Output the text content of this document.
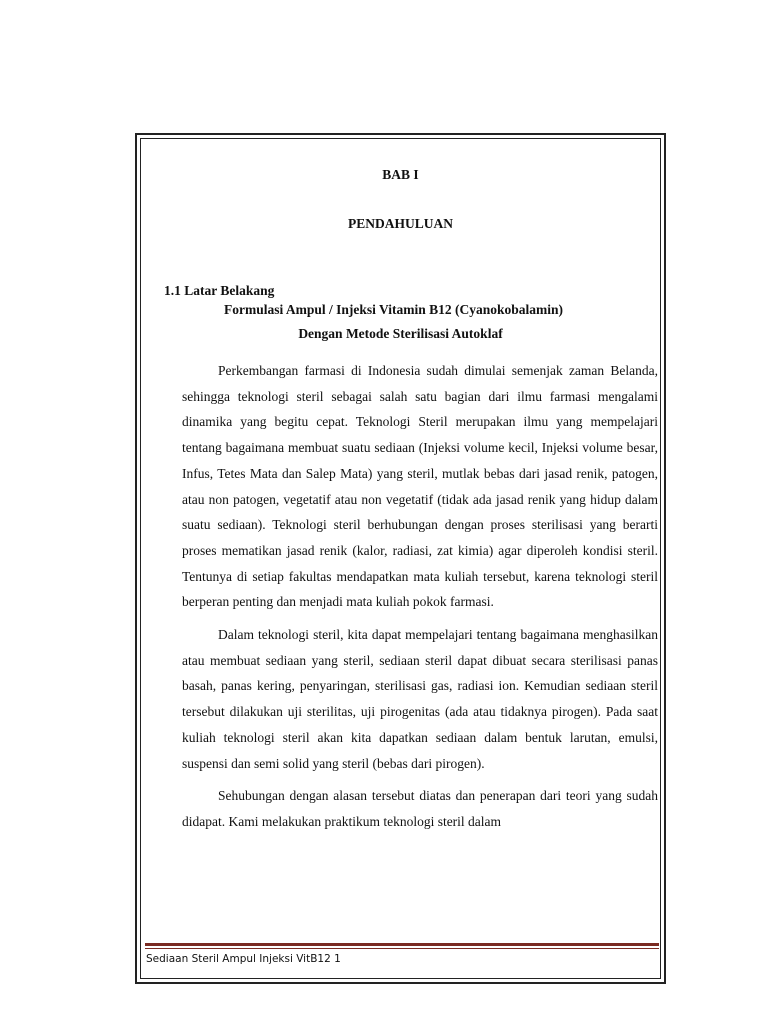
BAB I
PENDAHULUAN
1.1 Latar Belakang
Formulasi Ampul / Injeksi Vitamin B12 (Cyanokobalamin)
Dengan Metode Sterilisasi Autoklaf

Perkembangan farmasi di Indonesia sudah dimulai semenjak zaman Belanda, sehingga teknologi steril sebagai salah satu bagian dari ilmu farmasi mengalami dinamika yang begitu cepat. Teknologi Steril merupakan ilmu yang mempelajari tentang bagaimana membuat suatu sediaan (Injeksi volume kecil, Injeksi volume besar, Infus, Tetes Mata dan Salep Mata) yang steril, mutlak bebas dari jasad renik, patogen, atau non patogen, vegetatif atau non vegetatif (tidak ada jasad renik yang hidup dalam suatu sediaan). Teknologi steril berhubungan dengan proses sterilisasi yang berarti proses mematikan jasad renik (kalor, radiasi, zat kimia) agar diperoleh kondisi steril. Tentunya di setiap fakultas mendapatkan mata kuliah tersebut, karena teknologi steril berperan penting dan menjadi mata kuliah pokok farmasi.

Dalam teknologi steril, kita dapat mempelajari tentang bagaimana menghasilkan atau membuat sediaan yang steril, sediaan steril dapat dibuat secara sterilisasi panas basah, panas kering, penyaringan, sterilisasi gas, radiasi ion. Kemudian sediaan steril tersebut dilakukan uji sterilitas, uji pirogenitas (ada atau tidaknya pirogen). Pada saat kuliah teknologi steril akan kita dapatkan sediaan dalam bentuk larutan, emulsi, suspensi dan semi solid yang steril (bebas dari pirogen).

Sehubungan dengan alasan tersebut diatas dan penerapan dari teori yang sudah didapat. Kami melakukan praktikum teknologi steril dalam

Sediaan Steril Ampul Injeksi VitB12 1
